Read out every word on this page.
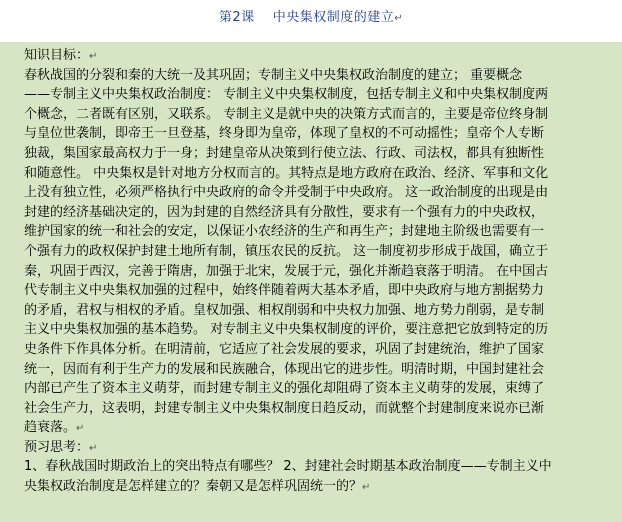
第2课　 中央集权制度的建立↵
知识目标：↵
春秋战国的分裂和秦的大统一及其巩固；专制主义中央集权政治制度的建立； 重要概念
——专制主义中央集权政治制度： 专制主义中央集权制度，包括专制主义和中央集权制度两
个概念，二者既有区别，又联系。 专制主义是就中央的决策方式而言的，主要是帝位终身制
与皇位世袭制，即帝王一旦登基，终身即为皇帝，体现了皇权的不可动摇性；皇帝个人专断
独裁，集国家最高权力于一身；封建皇帝从决策到行使立法、行政、司法权，都具有独断性
和随意性。 中央集权是针对地方分权而言的。其特点是地方政府在政治、经济、军事和文化
上没有独立性，必须严格执行中央政府的命令并受制于中央政府。 这一政治制度的出现是由
封建的经济基础决定的，因为封建的自然经济具有分散性，要求有一个强有力的中央政权，
维护国家的统一和社会的安定，以保证小农经济的生产和再生产；封建地主阶级也需要有一
个强有力的政权保护封建土地所有制，镇压农民的反抗。 这一制度初步形成于战国，确立于
秦，巩固于西汉，完善于隋唐，加强于北宋，发展于元，强化并渐趋衰落于明清。 在中国古
代专制主义中央集权加强的过程中，始终伴随着两大基本矛盾，即中央政府与地方割据势力
的矛盾，君权与相权的矛盾。皇权加强、相权削弱和中央权力加强、地方势力削弱，是专制
主义中央集权加强的基本趋势。 对专制主义中央集权制度的评价，要注意把它放到特定的历
史条件下作具体分析。在明清前，它适应了社会发展的要求，巩固了封建统治，维护了国家
统一，因而有利于生产力的发展和民族融合，体现出它的进步性。明清时期，中国封建社会
内部已产生了资本主义萌芽，而封建专制主义的强化却阻碍了资本主义萌芽的发展，束缚了
社会生产力，这表明，封建专制主义中央集权制度日趋反动，而就整个封建制度来说亦已渐
趋衰落。↵
预习思考：↵
1、春秋战国时期政治上的突出特点有哪些？ 2、封建社会时期基本政治制度——专制主义中
央集权政治制度是怎样建立的？秦朝又是怎样巩固统一的？↵
